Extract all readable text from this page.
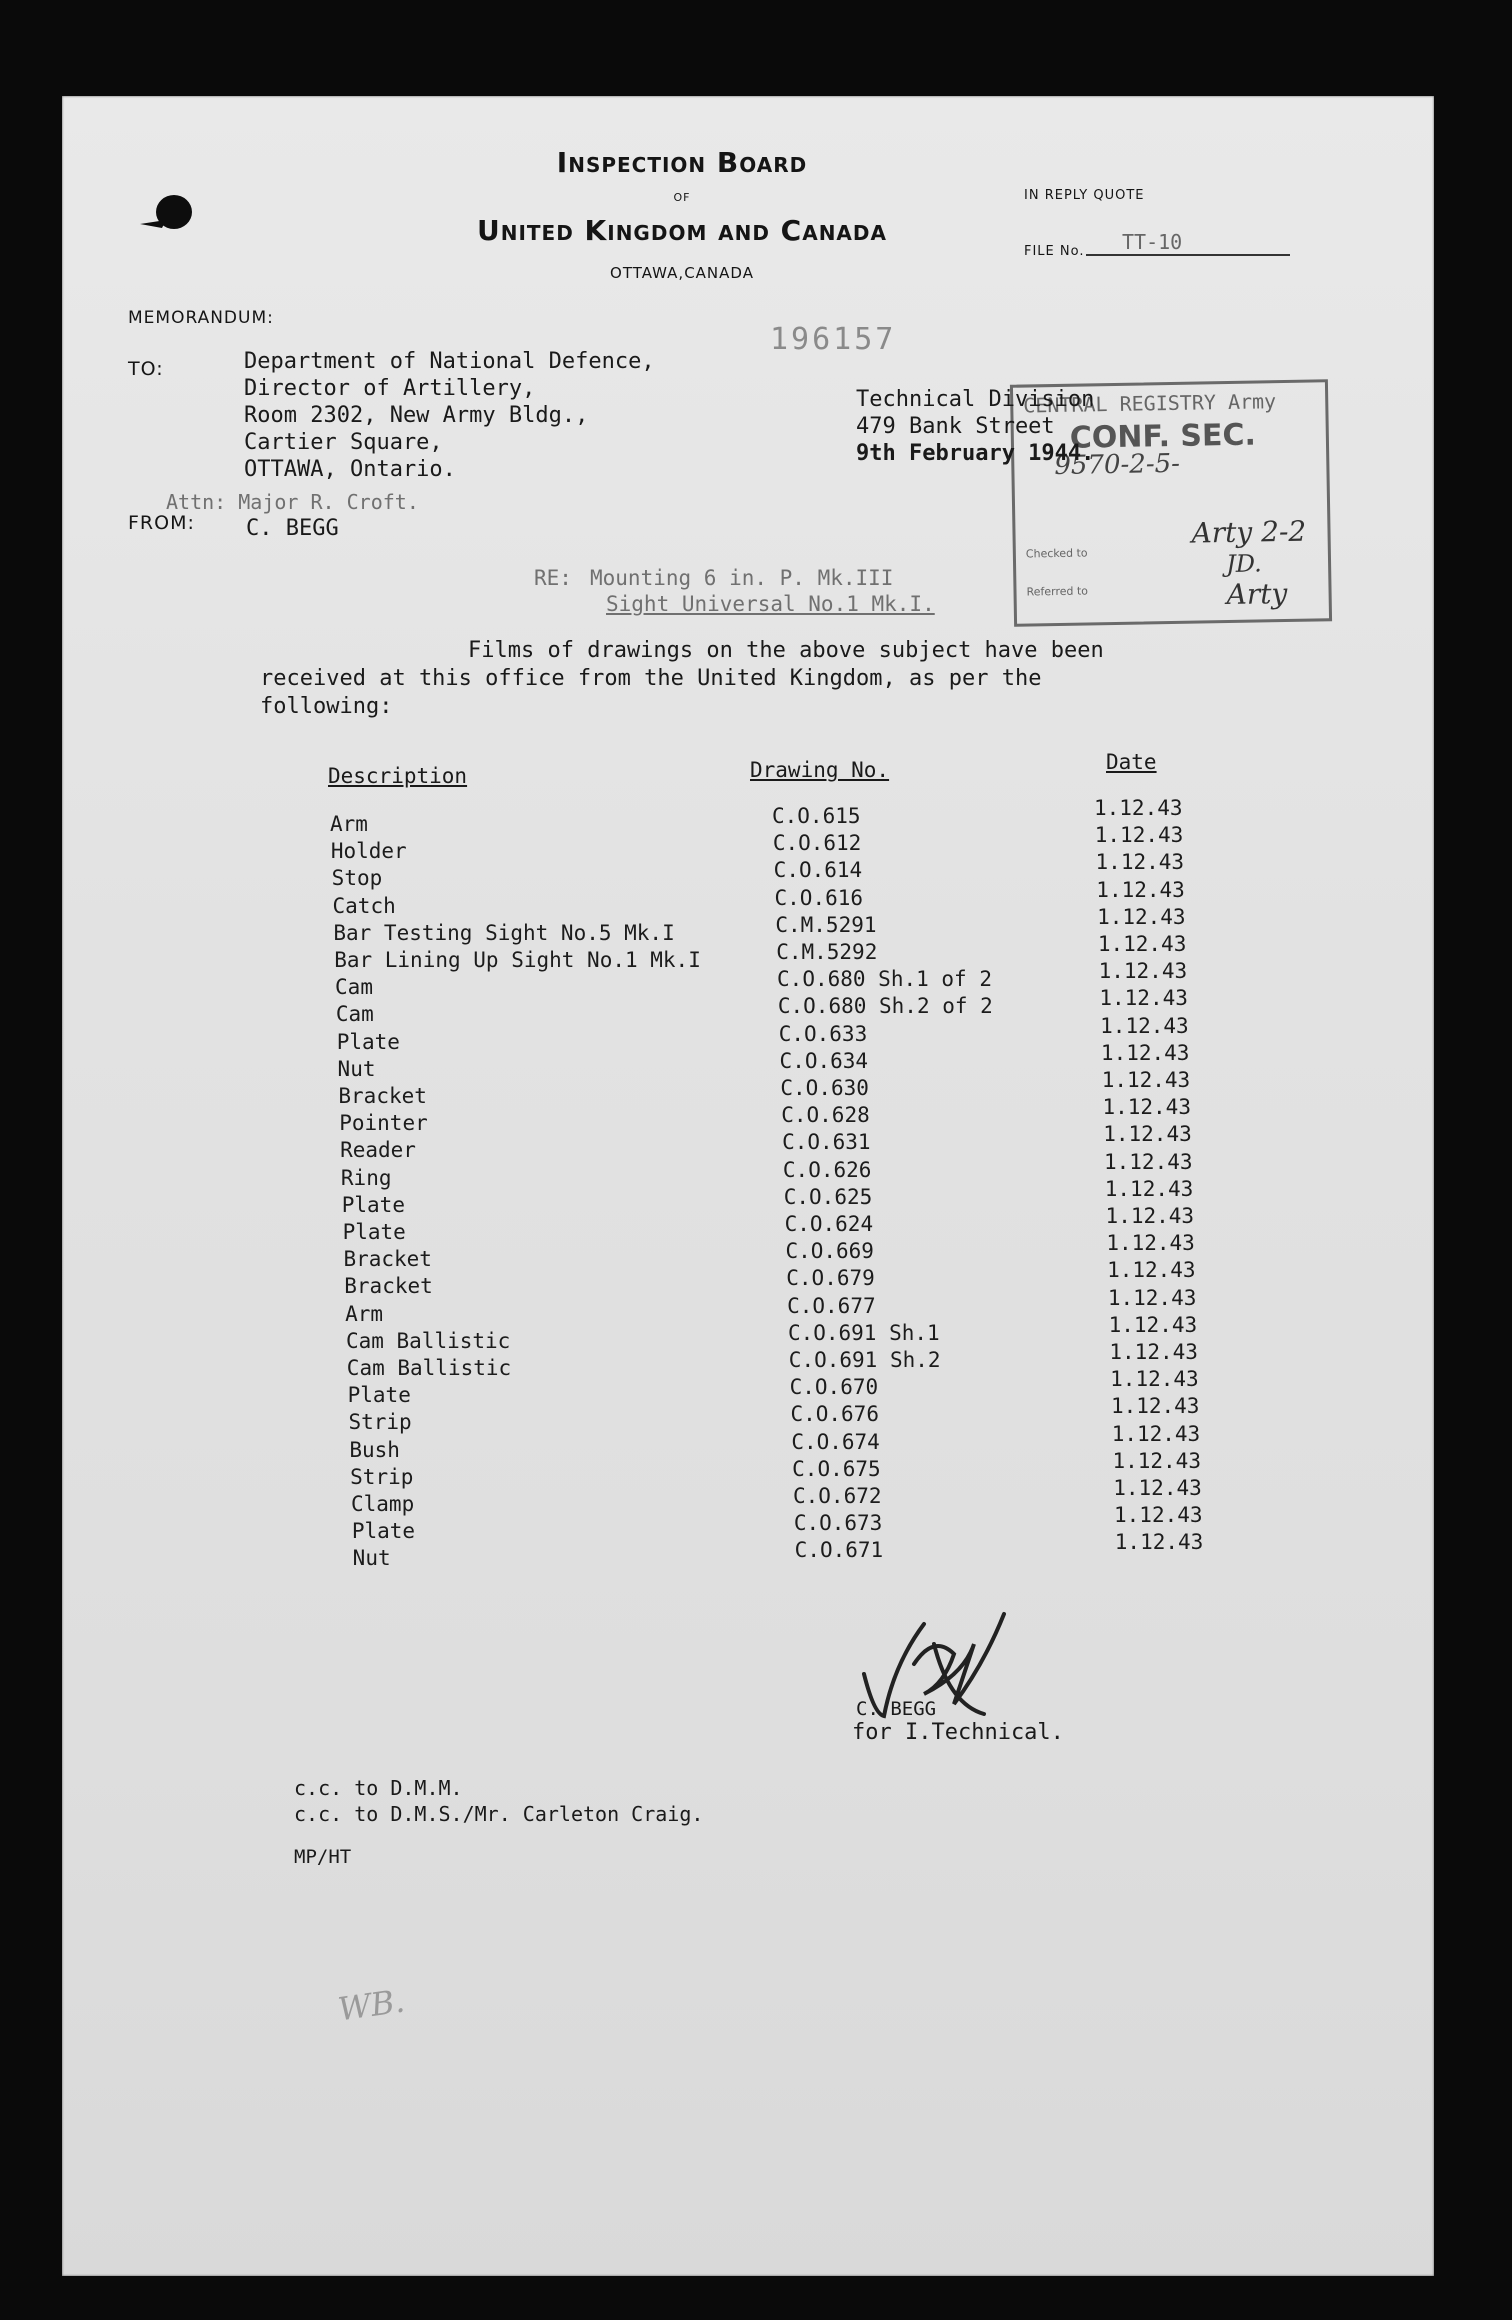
Inspection Board
of
United Kingdom and Canada
OTTAWA,CANADA
IN REPLY QUOTE
FILE No. TT-10
MEMORANDUM:
196157
CENTRAL REGISTRY Army
CONF. SEC.
9570-2-5-
Arty 2-2
Checked to	JD.
Referred to	Arty
TO:	Department of National Defence,
Director of Artillery,
Room 2302, New Army Bldg.,
Cartier Square,
OTTAWA, Ontario.
Attn: Major R. Croft.
FROM: C. BEGG
Technical Division
479 Bank Street
9th February 1944.
RE: Mounting 6 in. P. Mk.III
Sight Universal No.1 Mk.I.
Films of drawings on the above subject have been
received at this office from the United Kingdom, as per the
following:
Description	Drawing No.	Date
Arm	C.O.615	1.12.43
Holder	C.O.612	1.12.43
Stop	C.O.614	1.12.43
Catch	C.O.616	1.12.43
Bar Testing Sight No.5 Mk.I	C.M.5291	1.12.43
Bar Lining Up Sight No.1 Mk.I	C.M.5292	1.12.43
Cam	C.O.680 Sh.1 of 2	1.12.43
Cam	C.O.680 Sh.2 of 2	1.12.43
Plate	C.O.633	1.12.43
Nut	C.O.634	1.12.43
Bracket	C.O.630	1.12.43
Pointer	C.O.628	1.12.43
Reader	C.O.631	1.12.43
Ring	C.O.626	1.12.43
Plate	C.O.625	1.12.43
Plate	C.O.624	1.12.43
Bracket	C.O.669	1.12.43
Bracket	C.O.679	1.12.43
Arm	C.O.677	1.12.43
Cam Ballistic	C.O.691 Sh.1	1.12.43
Cam Ballistic	C.O.691 Sh.2	1.12.43
Plate	C.O.670	1.12.43
Strip	C.O.676	1.12.43
Bush	C.O.674	1.12.43
Strip	C.O.675	1.12.43
Clamp	C.O.672	1.12.43
Plate	C.O.673	1.12.43
Nut	C.O.671	1.12.43
C. BEGG
for I.Technical.
c.c. to D.M.M.
c.c. to D.M.S./Mr. Carleton Craig.
MP/HT
WB.
